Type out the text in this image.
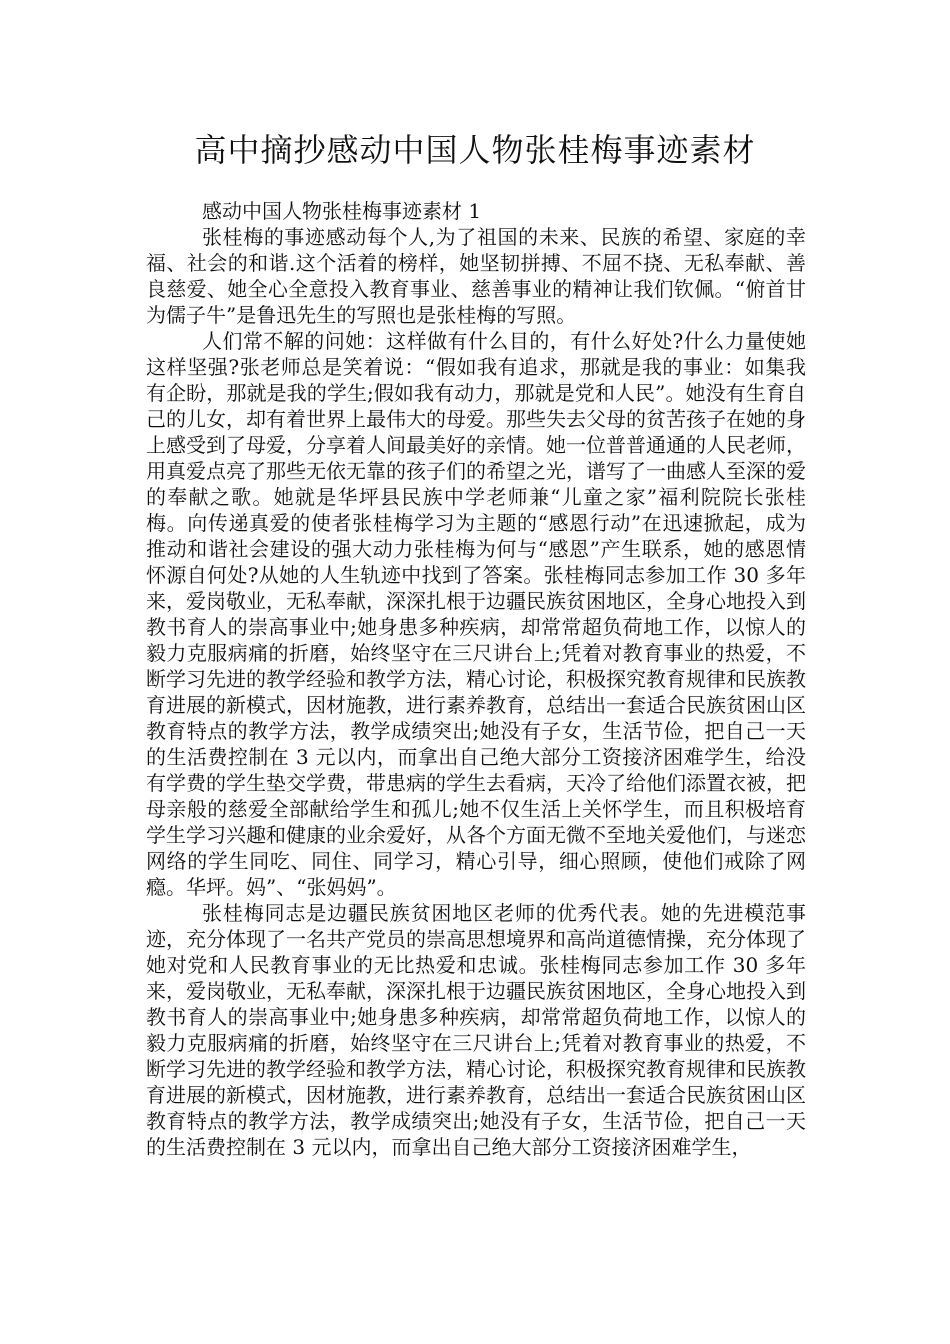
高中摘抄感动中国人物张桂梅事迹素材

感动中国人物张桂梅事迹素材 1

张桂梅的事迹感动每个人,为了祖国的未来、民族的希望、家庭的幸福、社会的和谐.这个活着的榜样，她坚韧拼搏、不屈不挠、无私奉献、善良慈爱、她全心全意投入教育事业、慈善事业的精神让我们钦佩。“俯首甘为儒子牛”是鲁迅先生的写照也是张桂梅的写照。

人们常不解的问她：这样做有什么目的，有什么好处?什么力量使她这样坚强?张老师总是笑着说：“假如我有追求，那就是我的事业：如集我有企盼，那就是我的学生;假如我有动力，那就是党和人民”。她没有生育自己的儿女，却有着世界上最伟大的母爱。那些失去父母的贫苦孩子在她的身上感受到了母爱，分享着人间最美好的亲情。她一位普普通通的人民老师，用真爱点亮了那些无依无靠的孩子们的希望之光，谱写了一曲感人至深的爱的奉献之歌。她就是华坪县民族中学老师兼“儿童之家”福利院院长张桂梅。向传递真爱的使者张桂梅学习为主题的“感恩行动”在迅速掀起，成为推动和谐社会建设的强大动力张桂梅为何与“感恩”产生联系，她的感恩情怀源自何处?从她的人生轨迹中找到了答案。张桂梅同志参加工作 30 多年来，爱岗敬业，无私奉献，深深扎根于边疆民族贫困地区，全身心地投入到教书育人的崇高事业中;她身患多种疾病，却常常超负荷地工作，以惊人的毅力克服病痛的折磨，始终坚守在三尺讲台上;凭着对教育事业的热爱，不断学习先进的教学经验和教学方法，精心讨论，积极探究教育规律和民族教育进展的新模式，因材施教，进行素养教育，总结出一套适合民族贫困山区教育特点的教学方法，教学成绩突出;她没有子女，生活节俭，把自己一天的生活费控制在 3 元以内，而拿出自己绝大部分工资接济困难学生，给没有学费的学生垫交学费，带患病的学生去看病，天冷了给他们添置衣被，把母亲般的慈爱全部献给学生和孤儿;她不仅生活上关怀学生，而且积极培育学生学习兴趣和健康的业余爱好，从各个方面无微不至地关爱他们，与迷恋网络的学生同吃、同住、同学习，精心引导，细心照顾，使他们戒除了网瘾。华坪。妈”、“张妈妈”。

张桂梅同志是边疆民族贫困地区老师的优秀代表。她的先进模范事迹，充分体现了一名共产党员的崇高思想境界和高尚道德情操，充分体现了她对党和人民教育事业的无比热爱和忠诚。张桂梅同志参加工作 30 多年来，爱岗敬业，无私奉献，深深扎根于边疆民族贫困地区，全身心地投入到教书育人的崇高事业中;她身患多种疾病，却常常超负荷地工作，以惊人的毅力克服病痛的折磨，始终坚守在三尺讲台上;凭着对教育事业的热爱，不断学习先进的教学经验和教学方法，精心讨论，积极探究教育规律和民族教育进展的新模式，因材施教，进行素养教育，总结出一套适合民族贫困山区教育特点的教学方法，教学成绩突出;她没有子女，生活节俭，把自己一天的生活费控制在 3 元以内，而拿出自己绝大部分工资接济困难学生，
